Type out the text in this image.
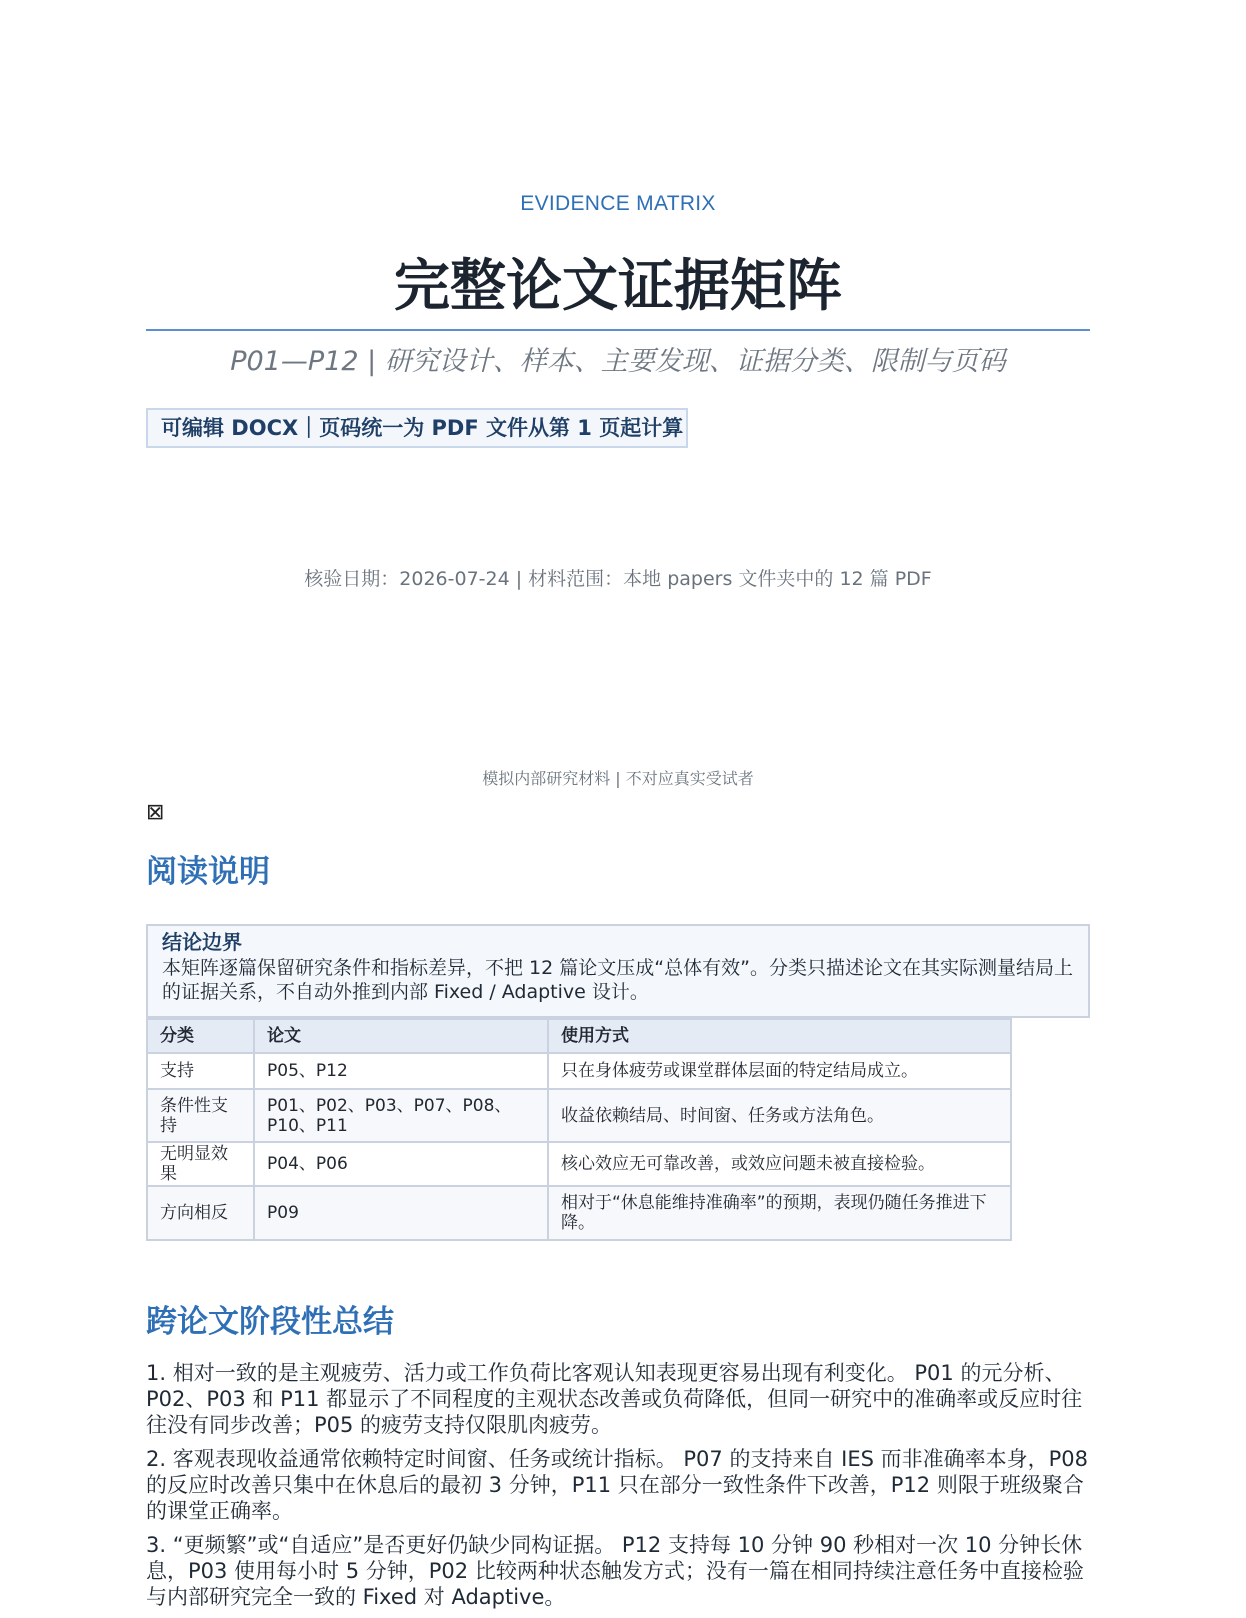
EVIDENCE MATRIX
完整论文证据矩阵
P01—P12 | 研究设计、样本、主要发现、证据分类、限制与页码
可编辑 DOCX｜页码统一为 PDF 文件从第 1 页起计算
核验日期：2026-07-24 | 材料范围：本地 papers 文件夹中的 12 篇 PDF
模拟内部研究材料 | 不对应真实受试者
⊠
阅读说明
结论边界
本矩阵逐篇保留研究条件和指标差异，不把 12 篇论文压成“总体有效”。分类只描述论文在其实际测量结局上的证据关系，不自动外推到内部 Fixed / Adaptive 设计。
分类	论文	使用方式
支持	P05、P12	只在身体疲劳或课堂群体层面的特定结局成立。
条件性支持	P01、P02、P03、P07、P08、P10、P11	收益依赖结局、时间窗、任务或方法角色。
无明显效果	P04、P06	核心效应无可靠改善，或效应问题未被直接检验。
方向相反	P09	相对于“休息能维持准确率”的预期，表现仍随任务推进下降。
跨论文阶段性总结

1. 相对一致的是主观疲劳、活力或工作负荷比客观认知表现更容易出现有利变化。 P01 的元分析、P02、P03 和 P11 都显示了不同程度的主观状态改善或负荷降低，但同一研究中的准确率或反应时往往没有同步改善；P05 的疲劳支持仅限肌肉疲劳。

2. 客观表现收益通常依赖特定时间窗、任务或统计指标。 P07 的支持来自 IES 而非准确率本身，P08 的反应时改善只集中在休息后的最初 3 分钟，P11 只在部分一致性条件下改善，P12 则限于班级聚合的课堂正确率。

3. “更频繁”或“自适应”是否更好仍缺少同构证据。 P12 支持每 10 分钟 90 秒相对一次 10 分钟长休息，P03 使用每小时 5 分钟，P02 比较两种状态触发方式；没有一篇在相同持续注意任务中直接检验与内部研究完全一致的 Fixed 对 Adaptive。
